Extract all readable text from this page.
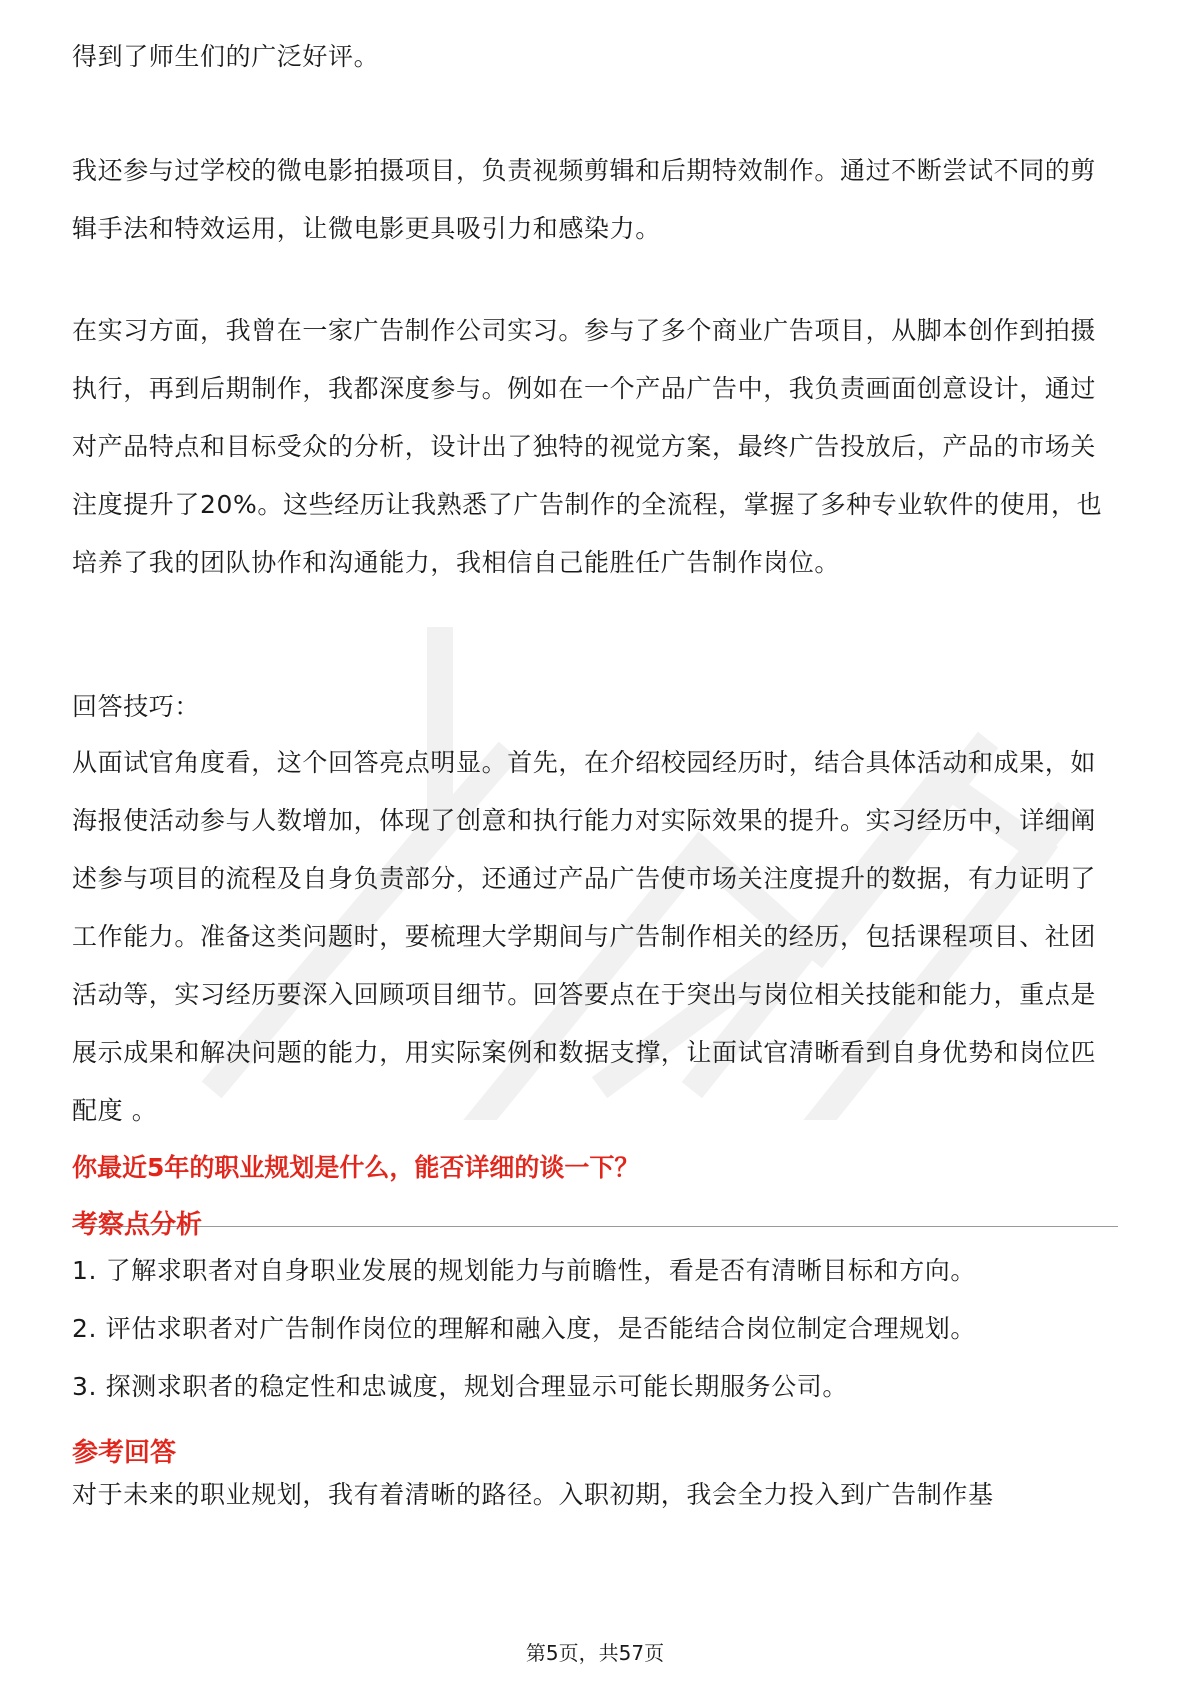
得到了师生们的广泛好评。

我还参与过学校的微电影拍摄项目，负责视频剪辑和后期特效制作。通过不断尝试不同的剪辑手法和特效运用，让微电影更具吸引力和感染力。

在实习方面，我曾在一家广告制作公司实习。参与了多个商业广告项目，从脚本创作到拍摄执行，再到后期制作，我都深度参与。例如在一个产品广告中，我负责画面创意设计，通过对产品特点和目标受众的分析，设计出了独特的视觉方案，最终广告投放后，产品的市场关注度提升了20%。这些经历让我熟悉了广告制作的全流程，掌握了多种专业软件的使用，也培养了我的团队协作和沟通能力，我相信自己能胜任广告制作岗位。

回答技巧：

从面试官角度看，这个回答亮点明显。首先，在介绍校园经历时，结合具体活动和成果，如海报使活动参与人数增加，体现了创意和执行能力对实际效果的提升。实习经历中，详细阐述参与项目的流程及自身负责部分，还通过产品广告使市场关注度提升的数据，有力证明了工作能力。准备这类问题时，要梳理大学期间与广告制作相关的经历，包括课程项目、社团活动等，实习经历要深入回顾项目细节。回答要点在于突出与岗位相关技能和能力，重点是展示成果和解决问题的能力，用实际案例和数据支撑，让面试官清晰看到自身优势和岗位匹配度 。

你最近5年的职业规划是什么，能否详细的谈一下？

考察点分析

1. 了解求职者对自身职业发展的规划能力与前瞻性，看是否有清晰目标和方向。

2. 评估求职者对广告制作岗位的理解和融入度，是否能结合岗位制定合理规划。

3. 探测求职者的稳定性和忠诚度，规划合理显示可能长期服务公司。

参考回答

对于未来的职业规划，我有着清晰的路径。入职初期，我会全力投入到广告制作基

第5页，共57页
